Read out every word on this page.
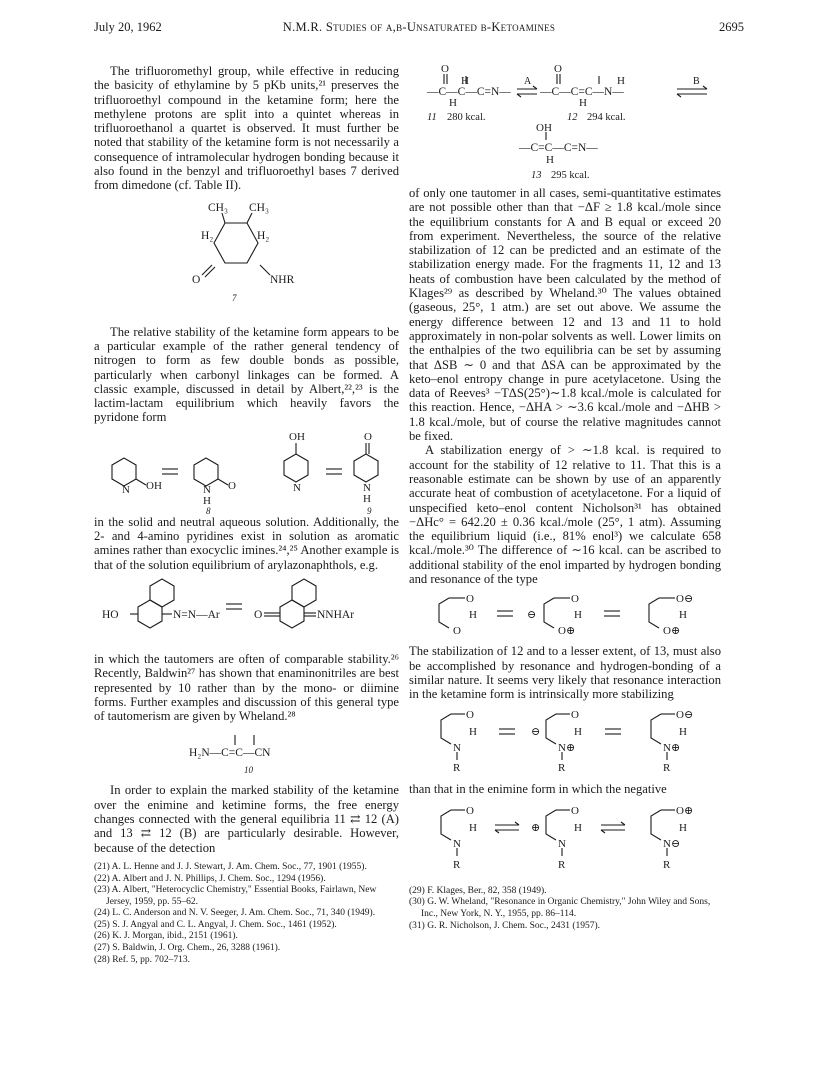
July 20, 1962	N.M.R. Studies of α,β-Unsaturated β-Ketoamines	2695

The trifluoromethyl group, while effective in reducing the basicity of ethylamine by 5 pKb units,²¹ preserves the trifluoroethyl compound in the ketamine form; here the methylene protons are split into a quintet whereas in trifluoroethanol a quartet is observed. It must further be noted that stability of the ketamine form is not necessarily a consequence of intramolecular hydrogen bonding because it also found in the benzyl and trifluoroethyl bases 7 derived from dimedone (cf. Table II).

CH₃ CH₃
H₂	H₂
O	NHR
7

The relative stability of the ketamine form appears to be a particular example of the rather general tendency of nitrogen to form as few double bonds as possible, particularly when carbonyl linkages can be formed. A classic example, discussed in detail by Albert,²²,²³ is the lactim-lactam equilibrium which heavily favors the pyridone form

OH
N	N
H
O
OH
N
O
N
H
8	9

in the solid and neutral aqueous solution. Additionally, the 2- and 4-amino pyridines exist in solution as aromatic amines rather than exocyclic imines.²⁴,²⁵ Another example is that of the solution equilibrium of arylazonaphthols, e.g.

HO	N=N—Ar	O	NNHAr

in which the tautomers are often of comparable stability.²⁶ Recently, Baldwin²⁷ has shown that enaminonitriles are best represented by 10 rather than by the mono- or diimine forms. Further examples and discussion of this general type of tautomerism are given by Wheland.²⁸

H₂N—C=C—CN
10

In order to explain the marked stability of the ketamine over the enimine and ketimine forms, the free energy changes connected with the general equilibria 11 ⇄ 12 (A) and 13 ⇄ 12 (B) are particularly desirable. However, because of the detection

(21) A. L. Henne and J. J. Stewart, J. Am. Chem. Soc., 77, 1901 (1955).
(22) A. Albert and J. N. Phillips, J. Chem. Soc., 1294 (1956).
(23) A. Albert, "Heterocyclic Chemistry," Essential Books, Fairlawn, New Jersey, 1959, pp. 55–62.
(24) L. C. Anderson and N. V. Seeger, J. Am. Chem. Soc., 71, 340 (1949).
(25) S. J. Angyal and C. L. Angyal, J. Chem. Soc., 1461 (1952).
(26) K. J. Morgan, ibid., 2151 (1961).
(27) S. Baldwin, J. Org. Chem., 26, 3288 (1961).
(28) Ref. 5, pp. 702–713.
O
H	A
—C—C—C=N—
H
11 280 kcal.
O
H	B
—C—C=C—N—
H
12 294 kcal.
OH
—C=C—C=N—
H
13 295 kcal.

of only one tautomer in all cases, semi-quantitative estimates are not possible other than that −ΔF ≥ 1.8 kcal./mole since the equilibrium constants for A and B equal or exceed 20 from experiment. Nevertheless, the source of the relative stabilization of 12 can be predicted and an estimate of the stabilization energy made. For the fragments 11, 12 and 13 heats of combustion have been calculated by the method of Klages²⁹ as described by Wheland.³⁰ The values obtained (gaseous, 25°, 1 atm.) are set out above. We assume the energy difference between 12 and 13 and 11 to hold approximately in non-polar solvents as well. Lower limits on the enthalpies of the two equilibria can be set by assuming that ΔSB ∼ 0 and that ΔSA can be approximated by the keto–enol entropy change in pure acetylacetone. Using the data of Reeves³ −TΔS(25°)∼1.8 kcal./mole is calculated for this reaction. Hence, −ΔHA > ∼3.6 kcal./mole and −ΔHB > 1.8 kcal./mole, but of course the relative magnitudes cannot be fixed.

A stabilization energy of > ∼1.8 kcal. is required to account for the stability of 12 relative to 11. That this is a reasonable estimate can be shown by use of an apparently accurate heat of combustion of acetylacetone. For a liquid of unspecified keto–enol content Nicholson³¹ has obtained −ΔHc° = 642.20 ± 0.36 kcal./mole (25°, 1 atm). Assuming the equilibrium liquid (i.e., 81% enol³) we calculate 658 kcal./mole.³⁰ The difference of ∼16 kcal. can be ascribed to additional stability of the enol imparted by hydrogen bonding and resonance of the type

O
H
O
⊖
O
H
O⊕
O⊖
H
O⊕

The stabilization of 12 and to a lesser extent, of 13, must also be accomplished by resonance and hydrogen-bonding of a similar nature. It seems very likely that resonance interaction in the ketamine form is intrinsically more stabilizing

O
H
N
R
⊖
O
H
N⊕
R
O⊖
H
N⊕
R

than that in the enimine form in which the negative

O
H
N
R
⊕
O
H
N
R
O⊕
H
N⊖
R
(29) F. Klages, Ber., 82, 358 (1949).
(30) G. W. Wheland, "Resonance in Organic Chemistry," John Wiley and Sons, Inc., New York, N. Y., 1955, pp. 86–114.
(31) G. R. Nicholson, J. Chem. Soc., 2431 (1957).
